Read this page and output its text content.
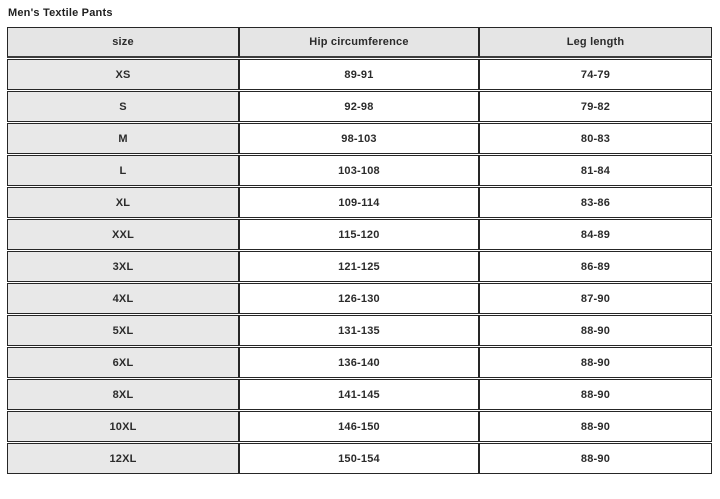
Men's Textile Pants
size	Hip circumference	Leg length
XS	89-91	74-79
S	92-98	79-82
M	98-103	80-83
L	103-108	81-84
XL	109-114	83-86
XXL	115-120	84-89
3XL	121-125	86-89
4XL	126-130	87-90
5XL	131-135	88-90
6XL	136-140	88-90
8XL	141-145	88-90
10XL	146-150	88-90
12XL	150-154	88-90
